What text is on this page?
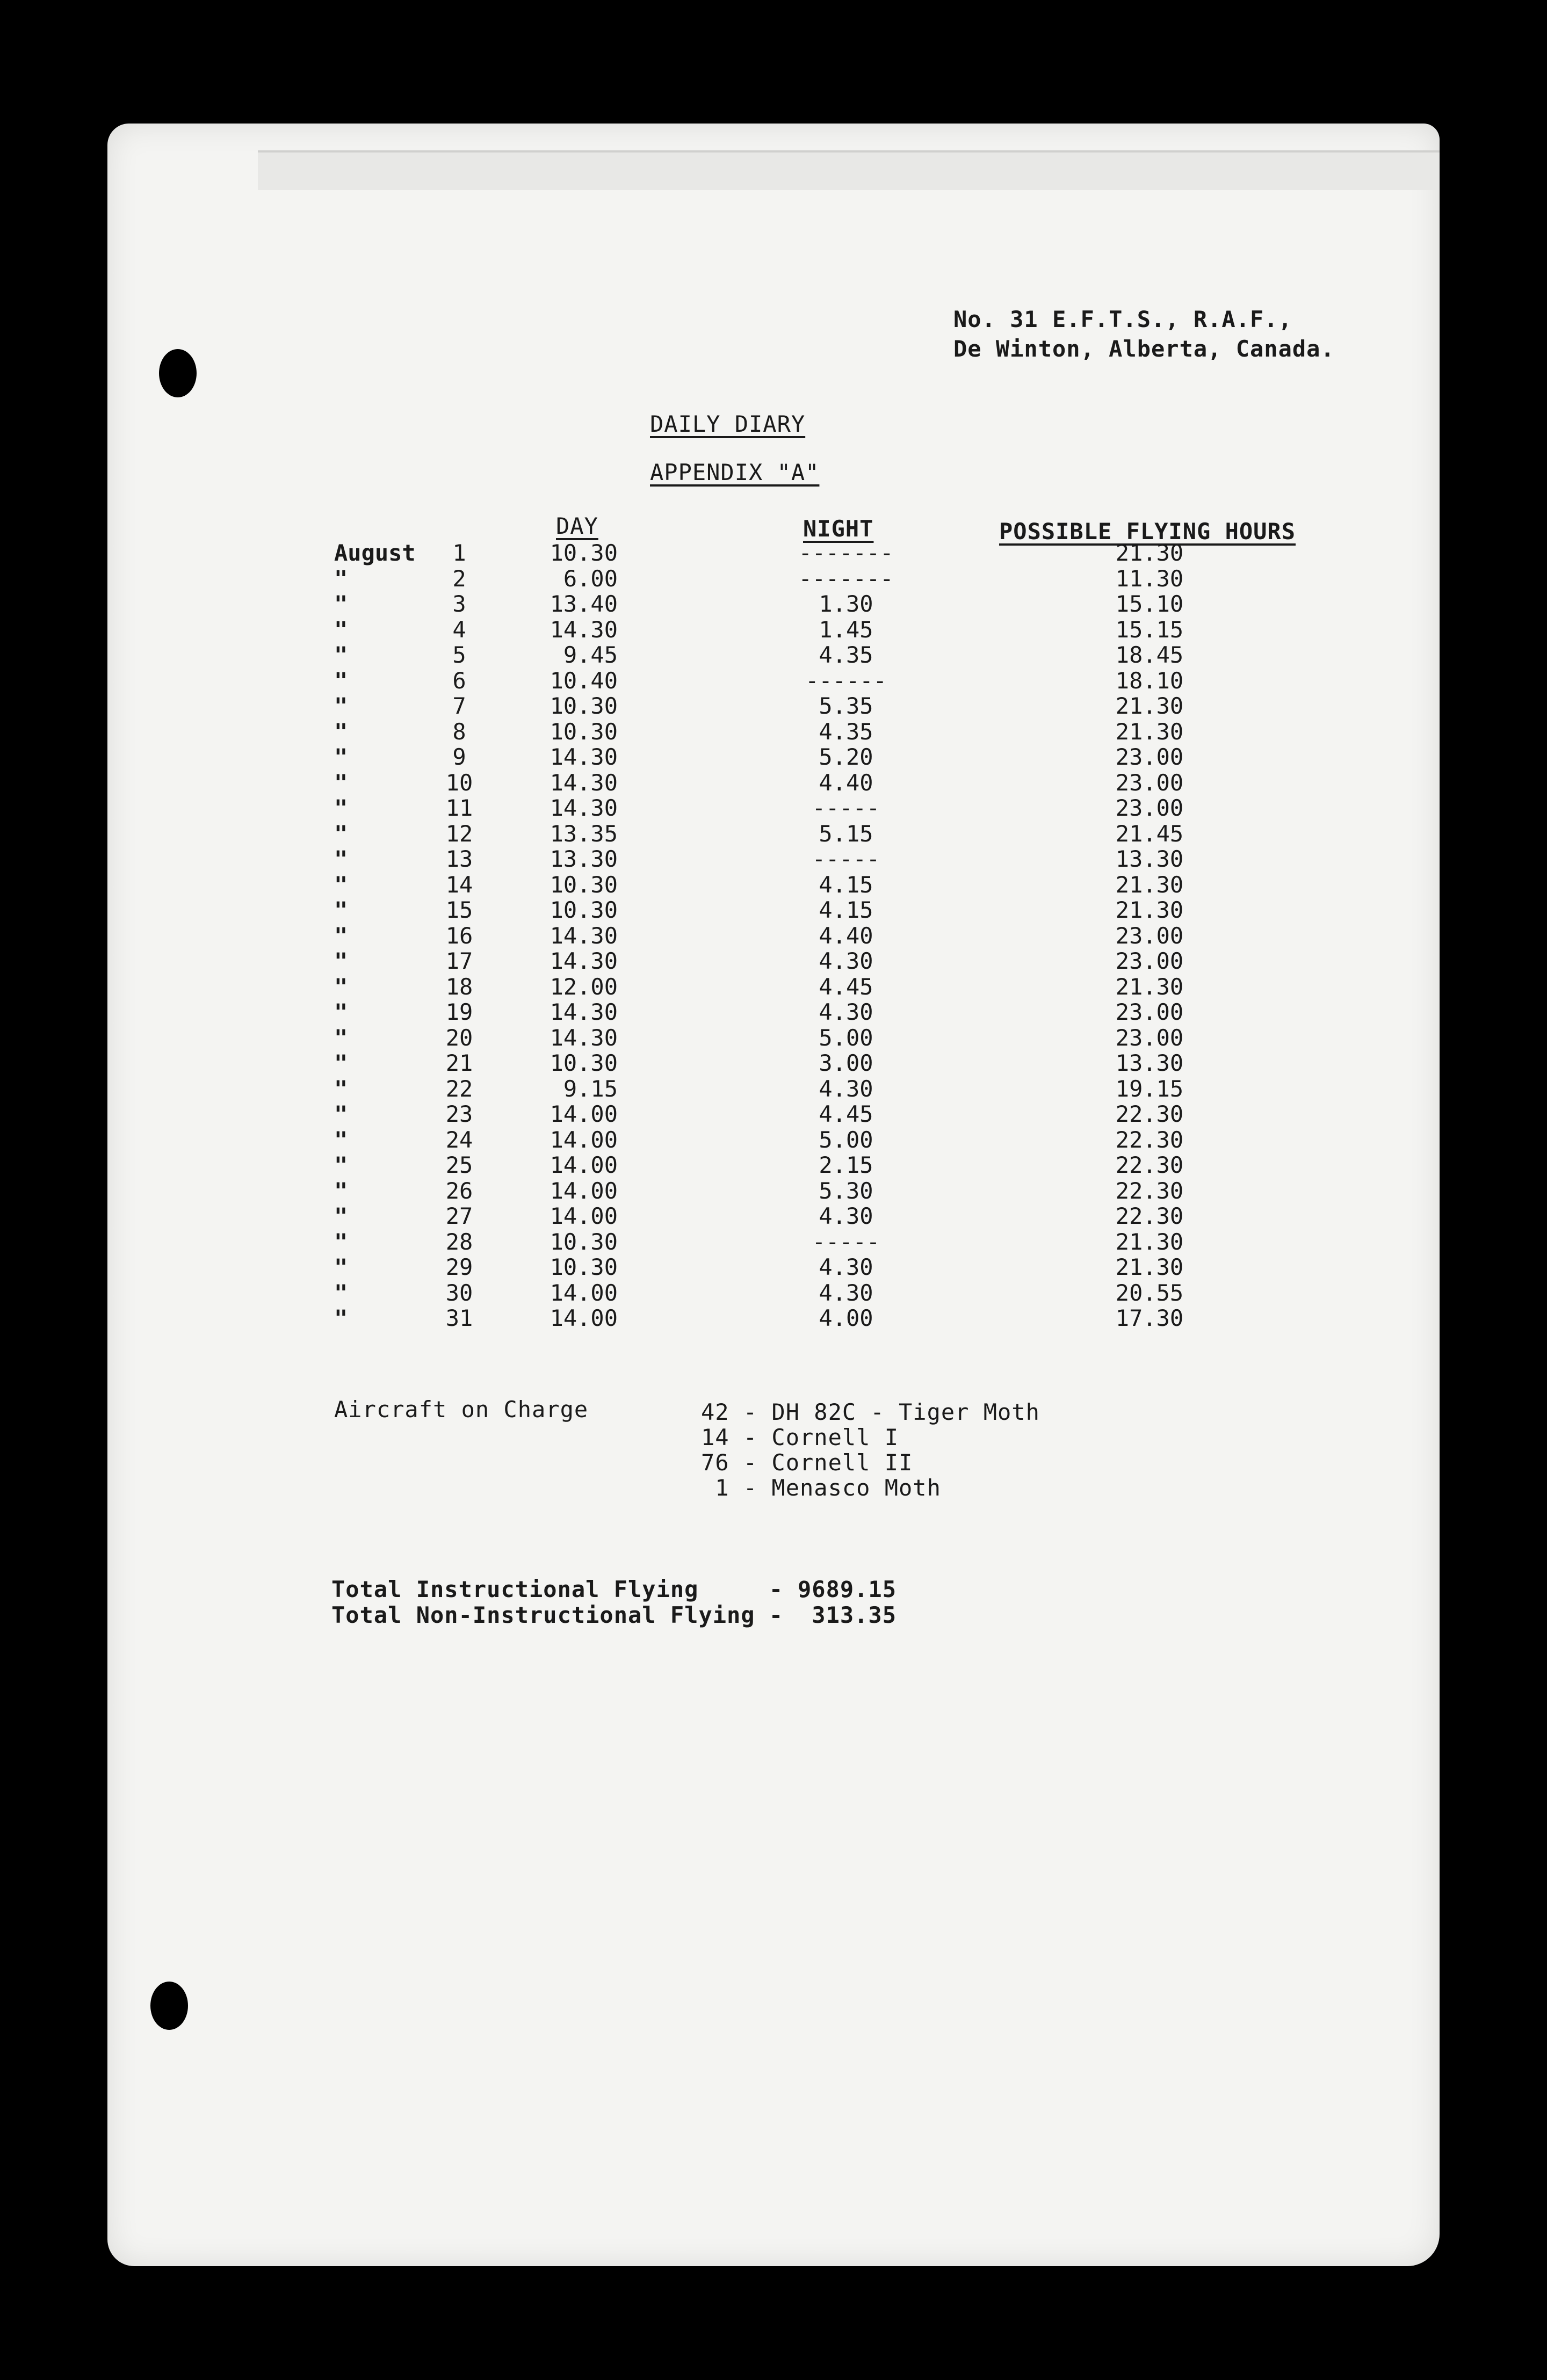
No. 31 E.F.T.S., R.A.F.,
De Winton, Alberta, Canada.
DAILY DIARY
APPENDIX "A"
DAY	NIGHT	POSSIBLE FLYING HOURS
August	1	10.30	-------	21.30
"	2	6.00	-------	11.30
"	3	13.40	1.30	15.10
"	4	14.30	1.45	15.15
"	5	9.45	4.35	18.45
"	6	10.40	------	18.10
"	7	10.30	5.35	21.30
"	8	10.30	4.35	21.30
"	9	14.30	5.20	23.00
"	10	14.30	4.40	23.00
"	11	14.30	-----	23.00
"	12	13.35	5.15	21.45
"	13	13.30	-----	13.30
"	14	10.30	4.15	21.30
"	15	10.30	4.15	21.30
"	16	14.30	4.40	23.00
"	17	14.30	4.30	23.00
"	18	12.00	4.45	21.30
"	19	14.30	4.30	23.00
"	20	14.30	5.00	23.00
"	21	10.30	3.00	13.30
"	22	9.15	4.30	19.15
"	23	14.00	4.45	22.30
"	24	14.00	5.00	22.30
"	25	14.00	2.15	22.30
"	26	14.00	5.30	22.30
"	27	14.00	4.30	22.30
"	28	10.30	-----	21.30
"	29	10.30	4.30	21.30
"	30	14.00	4.30	20.55
"	31	14.00	4.00	17.30
Aircraft on Charge	42 - DH 82C - Tiger Moth
14 - Cornell I
76 - Cornell II
1 - Menasco Moth
Total Instructional Flying     - 9689.15
Total Non-Instructional Flying - 313.35
